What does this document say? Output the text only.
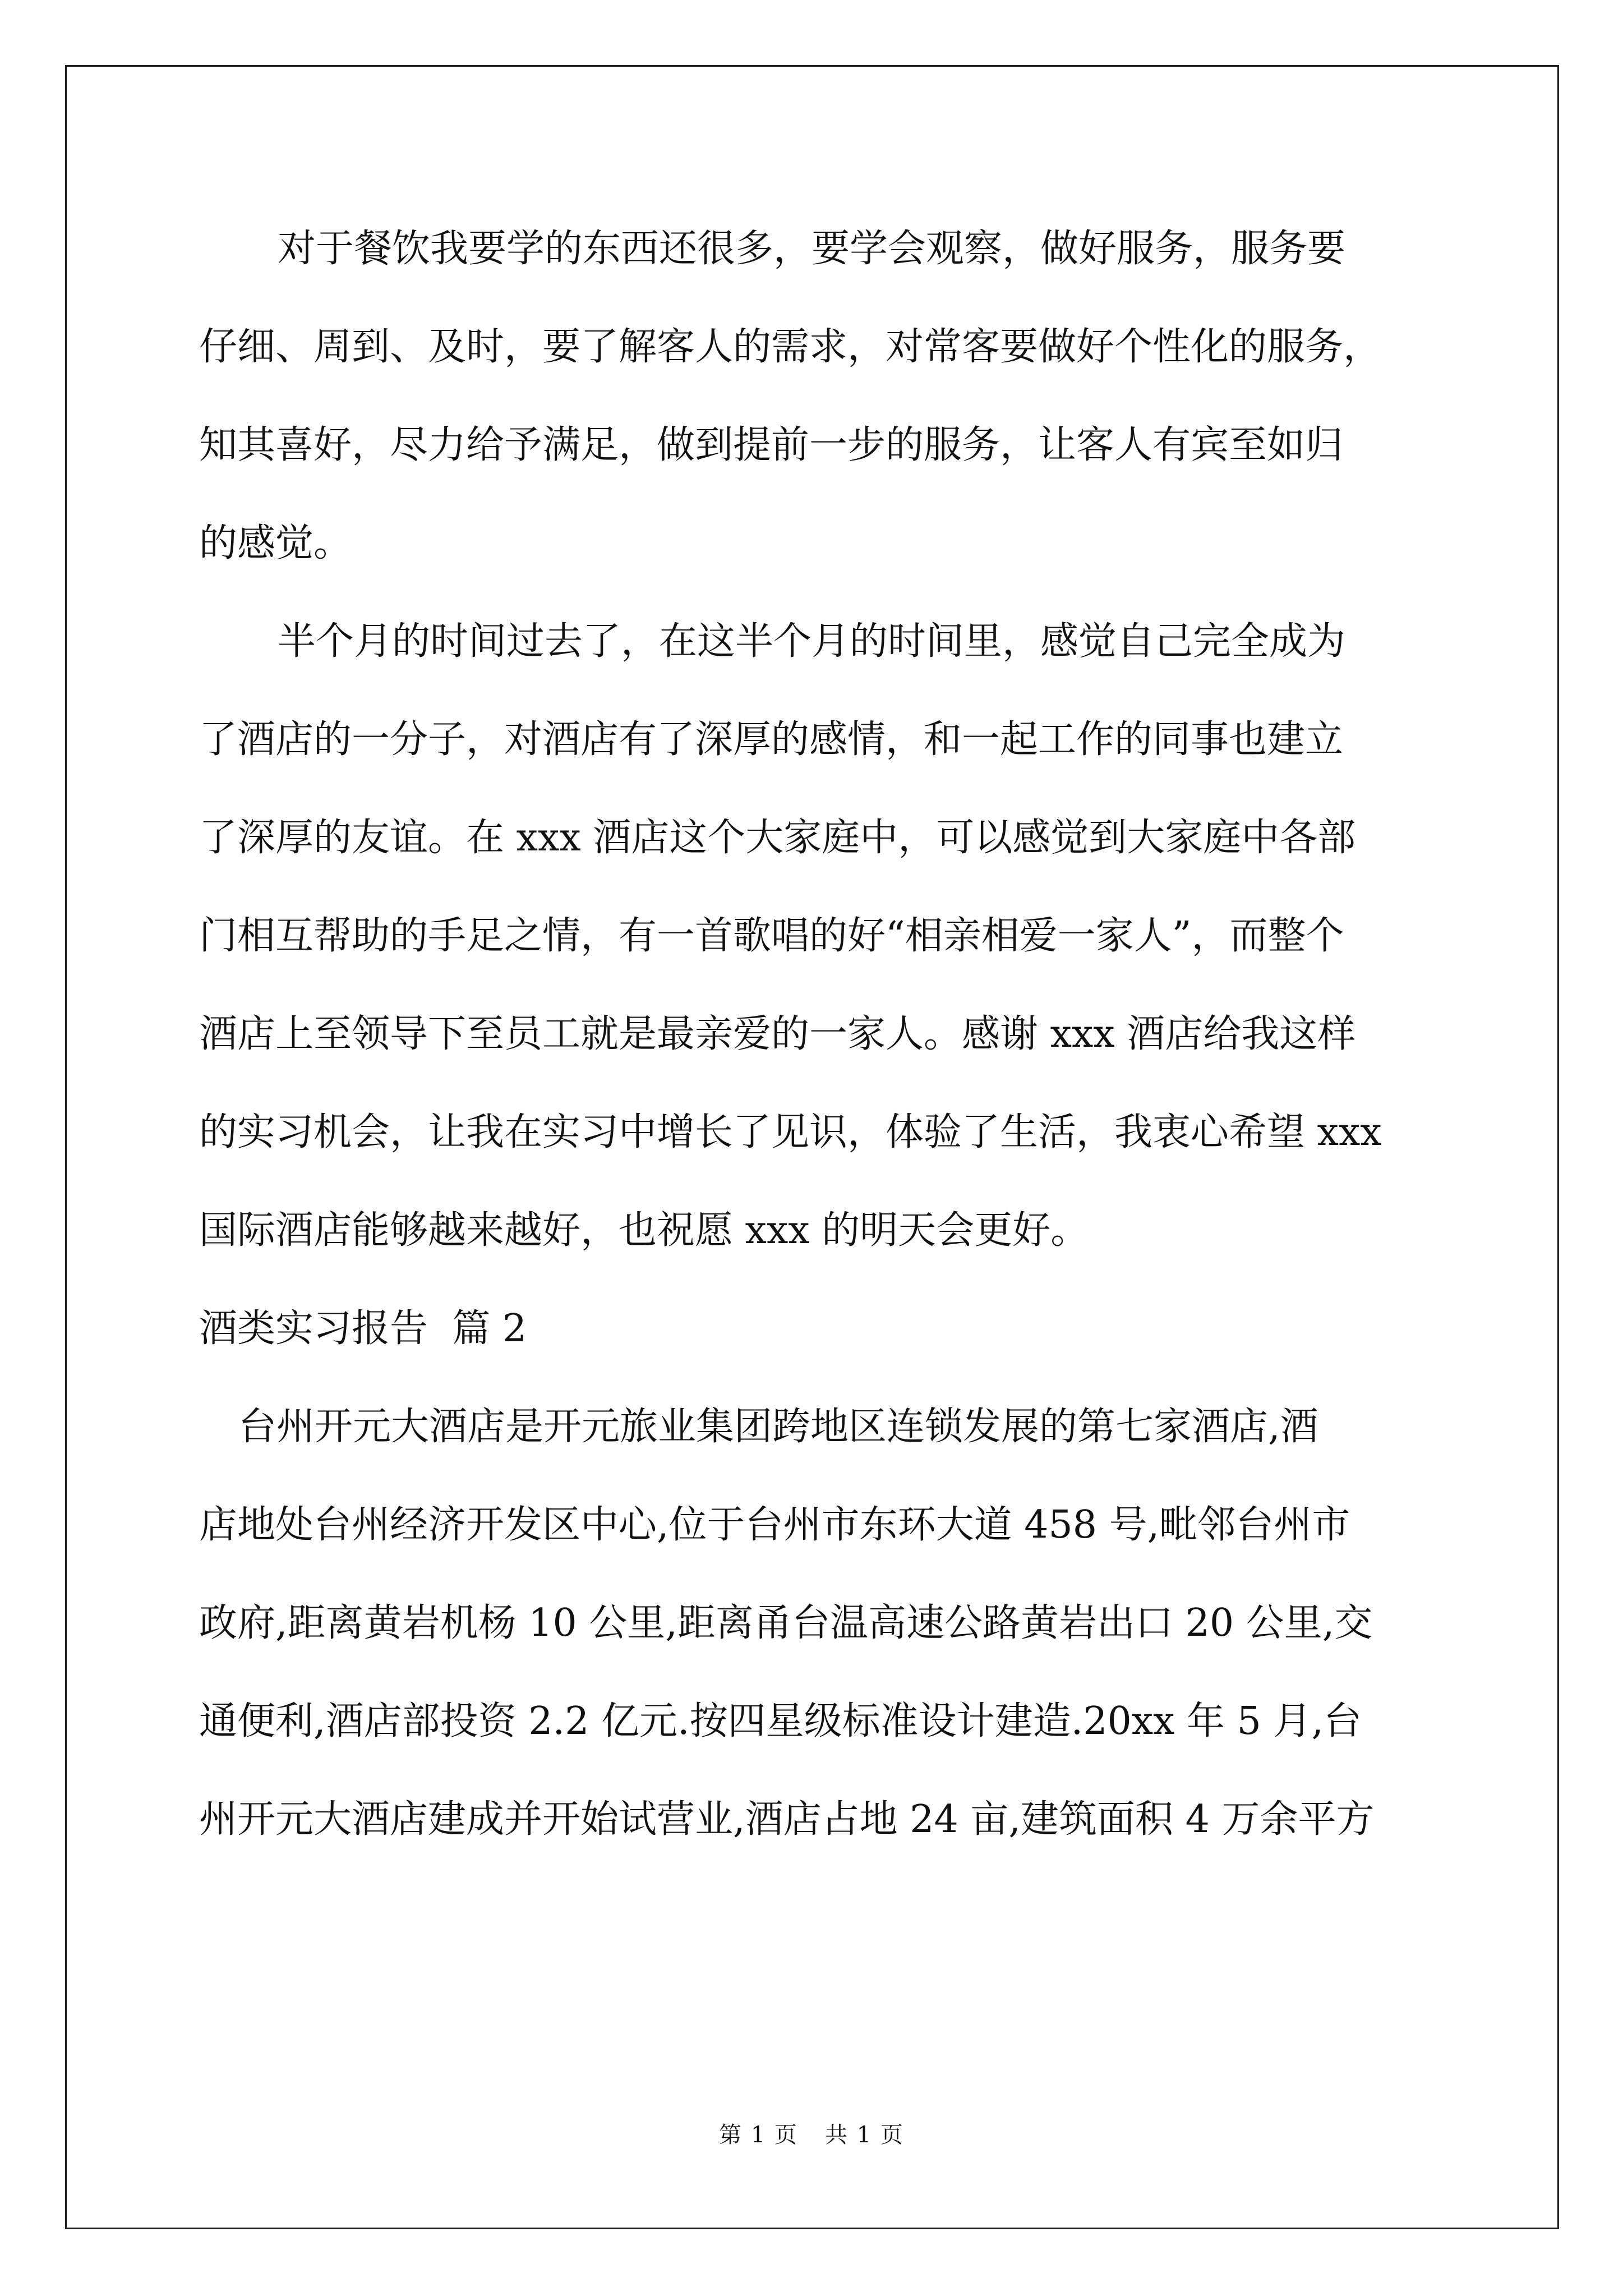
对于餐饮我要学的东西还很多，要学会观察，做好服务，服务要
仔细、周到、及时，要了解客人的需求，对常客要做好个性化的服务，
知其喜好，尽力给予满足，做到提前一步的服务，让客人有宾至如归
的感觉。
半个月的时间过去了，在这半个月的时间里，感觉自己完全成为
了酒店的一分子，对酒店有了深厚的感情，和一起工作的同事也建立
了深厚的友谊。在 xxx 酒店这个大家庭中，可以感觉到大家庭中各部
门相互帮助的手足之情，有一首歌唱的好“相亲相爱一家人”，而整个
酒店上至领导下至员工就是最亲爱的一家人。感谢 xxx 酒店给我这样
的实习机会，让我在实习中增长了见识，体验了生活，我衷心希望 xxx
国际酒店能够越来越好，也祝愿 xxx 的明天会更好。
酒类实习报告  篇 2
台州开元大酒店是开元旅业集团跨地区连锁发展的第七家酒店,酒
店地处台州经济开发区中心,位于台州市东环大道 458 号,毗邻台州市
政府,距离黄岩机杨 10 公里,距离甬台温高速公路黄岩出口 20 公里,交
通便利,酒店部投资 2.2 亿元.按四星级标准设计建造.20xx 年 5 月,台
州开元大酒店建成并开始试营业,酒店占地 24 亩,建筑面积 4 万余平方
第 1 页 共 1 页
